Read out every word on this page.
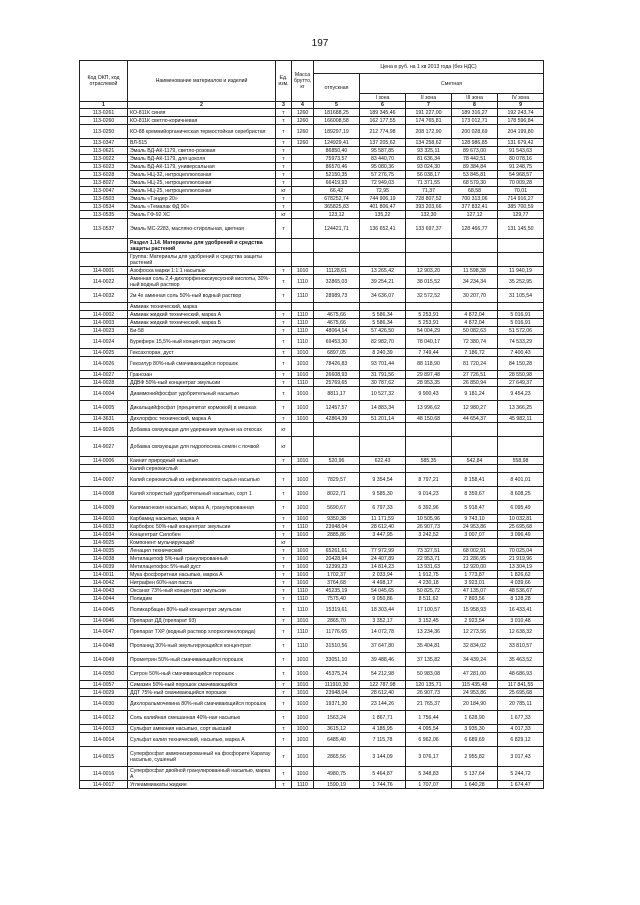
197
Код ОКП, код отраслевой	Наименование материалов и изделий	Ед. изм.	Масса брутто, кг	Цена в руб. на 1 кв 2013 года (без НДС)				
				отпускная	Сметная			
					I зона	II зона	III зона	IV зона
1	2	3	4	5	6	7	8	9
113-0261	КО-811К синяя	т	1260	181688,25	189 345,46	191 227,00	189 316,27	192 243,74
113-0260	КО-811К светло-коричневая	т	1260	166008,58	162 177,55	174 765,81	173 012,71	178 596,84
113-0250	КО-88 кремнийорганическая термостойкая серебристая	т	1260	189297,19	212 774,98	208 172,90	200 028,69	204 199,80
113-0347	ВЛ-515	т	1260	124929,41	137 205,62	134 258,62	128 986,85	131 679,42
113-0621	Эмаль ВД-АК-1179, светло-розовая	т		86850,40	95 587,85	93 325,11	89 673,00	91 543,63
113-0022	Эмаль ВД-АК-1179, для цоколя	т		75973,57	83 440,70	81 636,34	78 442,51	80 078,16
113-6023	Эмаль ВД-АК-1179, универсальная	т		86570,46	95 080,36	93 024,30	89 384,84	91 248,75
113-6028	Эмаль НЦ-32, нитроцеллюлозная	т		52150,35	57 276,75	56 038,17	53 845,81	54 968,57
113-8027	Эмаль НЦ-25, нитроцеллюлозная	т		66419,93	72 949,03	71 371,55	68 579,30	70 009,28
113-0047	Эмаль НЦ-25, нитроцеллюлозная	кг		66,42	72,95	71,37	68,58	70,01
113-0503	Эмаль «Тэндер 20»	т		678252,74	744 906,19	728 807,52	700 313,06	714 916,27
113-0534	Эмаль «Темалак ФД 90»	т		365825,83	401 806,47	393 203,66	377 832,41	385 700,59
113-0535	Эмаль ГФ-92 ХС	кг		123,12	135,22	132,30	127,12	129,77
113-0537	Эмаль МС-2283, масляно-стирольная, цветная	т		124421,71	136 652,41	133 697,37	128 466,77	131 145,50
	Раздел 1.14. Материалы для удобрений и средства защиты растений							
	Группа: Материалы для удобрений и средства защиты растений							
114-0001	Азофоска марки 1:1:1 насыпью	т	1010	11128,61	13 265,42	12 903,20	11 598,38	11 940,19
114-0022	Аминная соль 2,4-дихлорфеноксиуксусной кислоты, 30%-ный водный раствор	т	1110	32865,03	39 254,21	38 015,52	34 234,34	35 252,95
114-0032	2м 4х аминная соль 50%-ный водный раствор	т	1110	28989,73	34 636,07	32 572,52	30 207,70	31 105,54
	Аммиак технический, марка							
114-0002	Аммиак жидкий технический, марка А	т	1110	4675,66	5 586,34	5 253,91	4 872,04	5 016,91
114-0003	Аммиак жидкий технический, марка Б	т	1110	4675,66	5 586,34	5 253,91	4 872,04	5 016,91
114-0023	Би-58	т	1110	48064,14	57 426,50	54 004,29	50 082,63	51 572,06
114-0024	Буреферн 15,5%-ный концентрат эмульсии	т	1110	69453,30	82 982,70	78 040,17	72 380,74	74 533,29
114-0025	Гексахлоран, дуст	т	1010	6897,05	8 240,39	7 749,44	7 186,72	7 400,43
114-0026	Гексилур 80%-ный смачивающийся порошок	т	1010	78426,83	93 701,44	88 118,90	81 720,24	84 150,28
114-0027	Гранозан	т	1010	26608,93	31 791,56	29 897,48	27 726,51	28 550,98
114-0028	ДДВФ 50%-ный концентрат эмульсии	т	1110	25769,65	30 787,62	28 953,35	26 850,94	27 649,37
114-0004	Диаммонийфосфат удобрительный насыпью	т	1010	8811,17	10 527,32	9 900,43	9 181,24	9 454,23
114-0005	Дикальцийфосфат (преципитат кормовой) в мешках	т	1010	12457,57	14 883,34	13 996,62	12 980,27	13 366,25
114-3631	Дихлорфос технический, марка А	т	1010	42864,39	51 201,14	48 150,68	44 654,37	45 982,11
114-9026	Добавка связующая для удержания мульчи на откосах	кг						
114-9027	Добавка связующая для гидропосева семян с почвой	кг						
114-0006	Каинит природный насыпью	т	1010	520,96	622,43	585,35	542,84	558,98
	Калий сернокислый							
114-0007	Калий сернокислый из нефелинового сырья насыпью	т	1010	7829,57	9 354,54	8 797,21	8 158,41	8 401,01
114-0008	Калий хлористый удобрительный насыпью, сорт 1	т	1010	8022,71	9 585,30	9 014,23	8 359,67	8 608,25
114-0009	Калимагнезия насыпью, марка А, гранулированная	т	1010	5690,67	6 797,33	6 392,96	5 918,47	6 095,49
114-0010	Карбамид насыпью, марка А	т	1010	9350,38	11 171,59	10 505,96	9 743,10	10 032,81
114-0033	Карбофос 50%-ный концентрат эмульсии	т	1110	23948,04	28 612,40	26 907,73	24 953,86	25 695,68
114-0034	Концентрат Силобен	т	1010	2885,86	3 447,95	3 242,52	3 007,07	3 096,49
114-9025	Компонент мульчирующий	кг						
114-0035	Ленацил технический	т	1010	65261,61	77 972,99	73 327,51	68 002,91	70 025,04
114-0038	Метилацетоф 5%-ный гранулированный	т	1010	20428,94	24 407,89	22 953,71	21 286,95	21 919,96
114-0039	Метилацетофос 5%-ный дуст	т	1010	12399,23	14 814,23	13 931,63	12 920,00	13 304,19
114-0011	Мука фосфоритная насыпью, марка А	т	1010	1702,37	2 033,94	1 912,75	1 773,87	1 826,62
114-0042	Нитрафен 60%-ная паста	т	1010	3764,68	4 498,17	4 230,18	3 923,01	4 039,66
114-0043	Оксанат 73%-ный концентрат эмульсии	т	1110	45235,19	54 045,65	50 825,72	47 135,07	48 536,67
114-0044	Полидим	т	1110	7575,40	9 050,86	8 511,62	7 893,56	8 128,28
114-0045	Поликарбацин 80%-ный концентрат эмульсии	т	1110	15319,61	18 303,44	17 100,57	15 958,93	16 433,41
114-0046	Препарат ДД (препарат 93)	т	1010	2865,70	3 352,17	3 152,45	2 923,54	3 010,48
114-0047	Препарат ТХР (водный раствор хлорхолинхлорида)	т	1110	11776,65	14 072,78	13 234,36	12 273,56	12 638,32
114-0048	Пропанид 30%-ный эмульгирующийся концентрат	т	1110	31510,56	37 647,80	35 404,81	32 834,02	33 810,57
114-0049	Прометрин 50%-ный смачивающийся порошок	т	1010	33051,10	39 488,46	37 135,82	34 439,24	35 463,52
114-0050	Ситрон 50%-ный смачивающийся порошок	т	1010	45375,24	54 212,98	50 983,08	47 281,00	48 686,93
114-0057	Симазин 50%-ный порошок смачивающийся	т	1010	111910,30	122 787,98	120 135,71	115 435,48	117 841,55
114-0029	ДДТ 75%-ный смачивающийся порошок	т	1010	23948,04	28 612,40	26 907,73	24 953,86	25 695,68
114-0030	Дихлоральмочевина 80%-ный смачивающийся порошок	т	1010	19371,30	23 144,26	21 765,37	20 184,90	20 785,11
114-0012	Соль калийная смешанная 40%-ная насыпью	т	1010	1563,24	1 867,71	1 756,44	1 628,90	1 677,33
114-0013	Сульфат аммония насыпью, сорт высший	т	1010	3615,12	4 185,95	4 095,54	3 935,30	4 017,33
114-0014	Сульфат калия технический, насыпью, марка А	т	1010	6485,40	7 115,78	6 962,06	6 689,69	6 829,12
114-0015	Суперфосфат аммонизированный на фосфорите Каратау насыпью, сушеный	т	1010	2865,56	3 144,09	3 076,17	2 955,82	3 017,43
114-0016	Суперфосфат двойной гранулированный насыпью, марка А	т	1010	4980,75	5 464,87	5 348,83	5 137,64	5 244,72
114-0017	Углеаммиакаты жидкие	т	1110	1590,19	1 744,76	1 707,07	1 640,28	1 674,47
